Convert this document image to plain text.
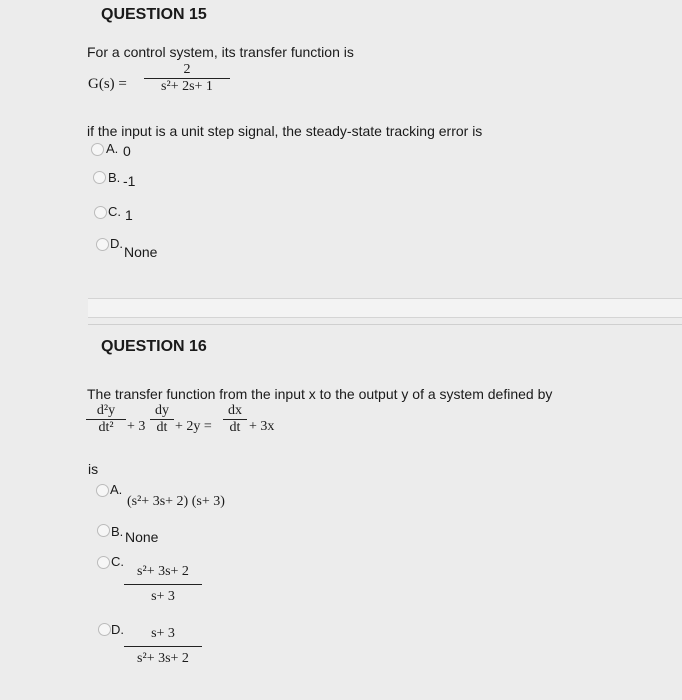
QUESTION 15
For a control system, its transfer function is
$G(s) = \frac{2}{\text{s²+ 2s+ 1}}$
if the input is a unit step signal, the steady-state tracking error is
A. 0
B. -1
C. 1
D.
None
QUESTION 16
The transfer function from the input x to the output y of a system defined by
$\frac{\text{d²y}}{\text{dt²}} + 3 \frac{dy}{dt} + 2y = \frac{dx}{dt} + 3x$
is
A.
(s²+ 3s+ 2) (s+ 3)
B. None
C.
$\frac{\text{s²+ 3s+ 2}}{s+ 3}$
D. $\frac{s+ 3}{\text{s²+ 3s+ 2}}$
